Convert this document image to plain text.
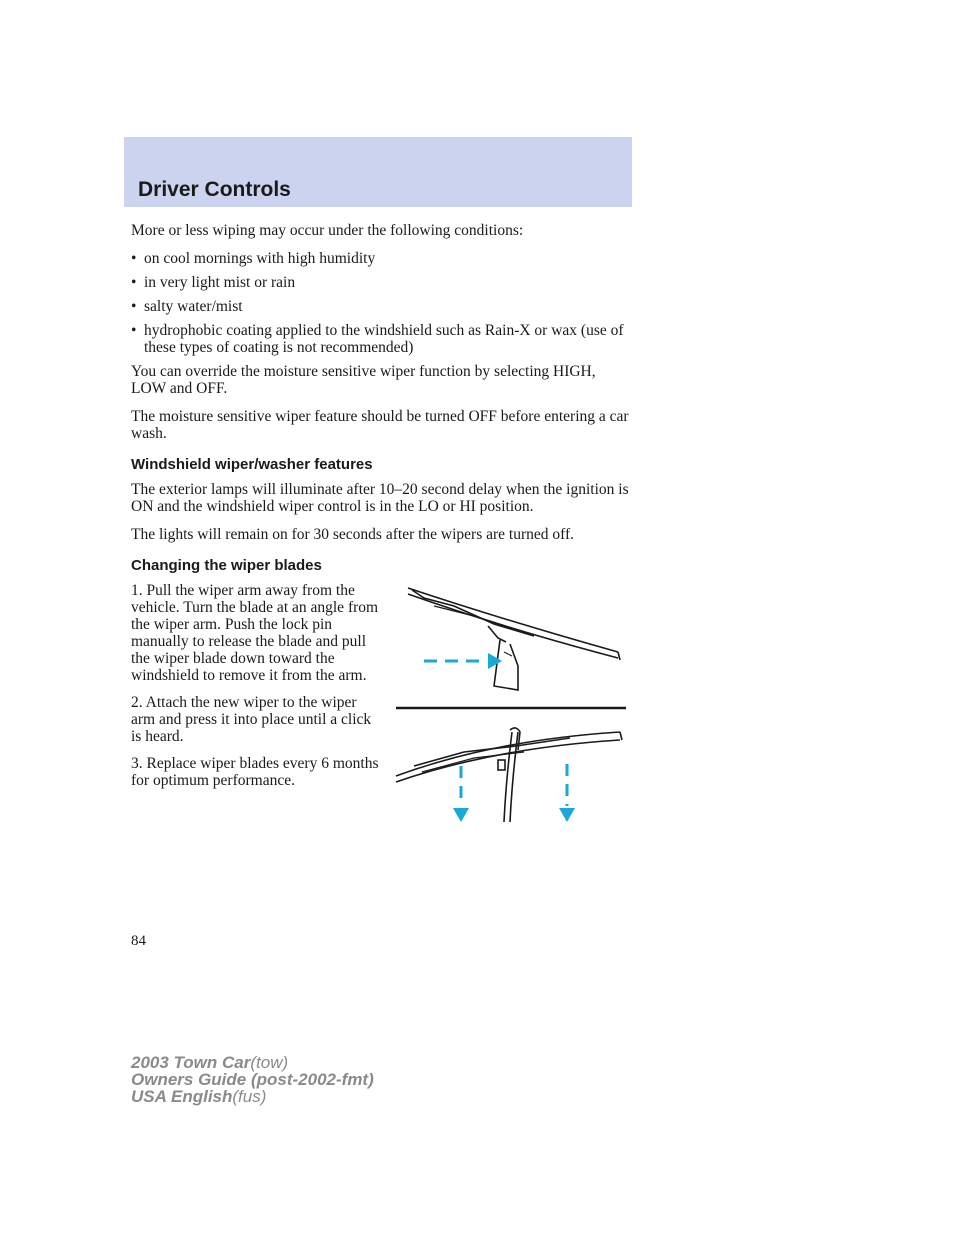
Driver Controls

More or less wiping may occur under the following conditions:

• on cool mornings with high humidity
• in very light mist or rain
• salty water/mist
• hydrophobic coating applied to the windshield such as Rain-X or wax (use of these types of coating is not recommended)

You can override the moisture sensitive wiper function by selecting HIGH, LOW and OFF.

The moisture sensitive wiper feature should be turned OFF before entering a car wash.

Windshield wiper/washer features

The exterior lamps will illuminate after 10–20 second delay when the ignition is ON and the windshield wiper control is in the LO or HI position.

The lights will remain on for 30 seconds after the wipers are turned off.

Changing the wiper blades

1. Pull the wiper arm away from the vehicle. Turn the blade at an angle from the wiper arm. Push the lock pin manually to release the blade and pull the wiper blade down toward the windshield to remove it from the arm.

2. Attach the new wiper to the wiper arm and press it into place until a click is heard.

3. Replace wiper blades every 6 months for optimum performance.

84
2003 Town Car(tow)
Owners Guide (post-2002-fmt)
USA English(fus)
